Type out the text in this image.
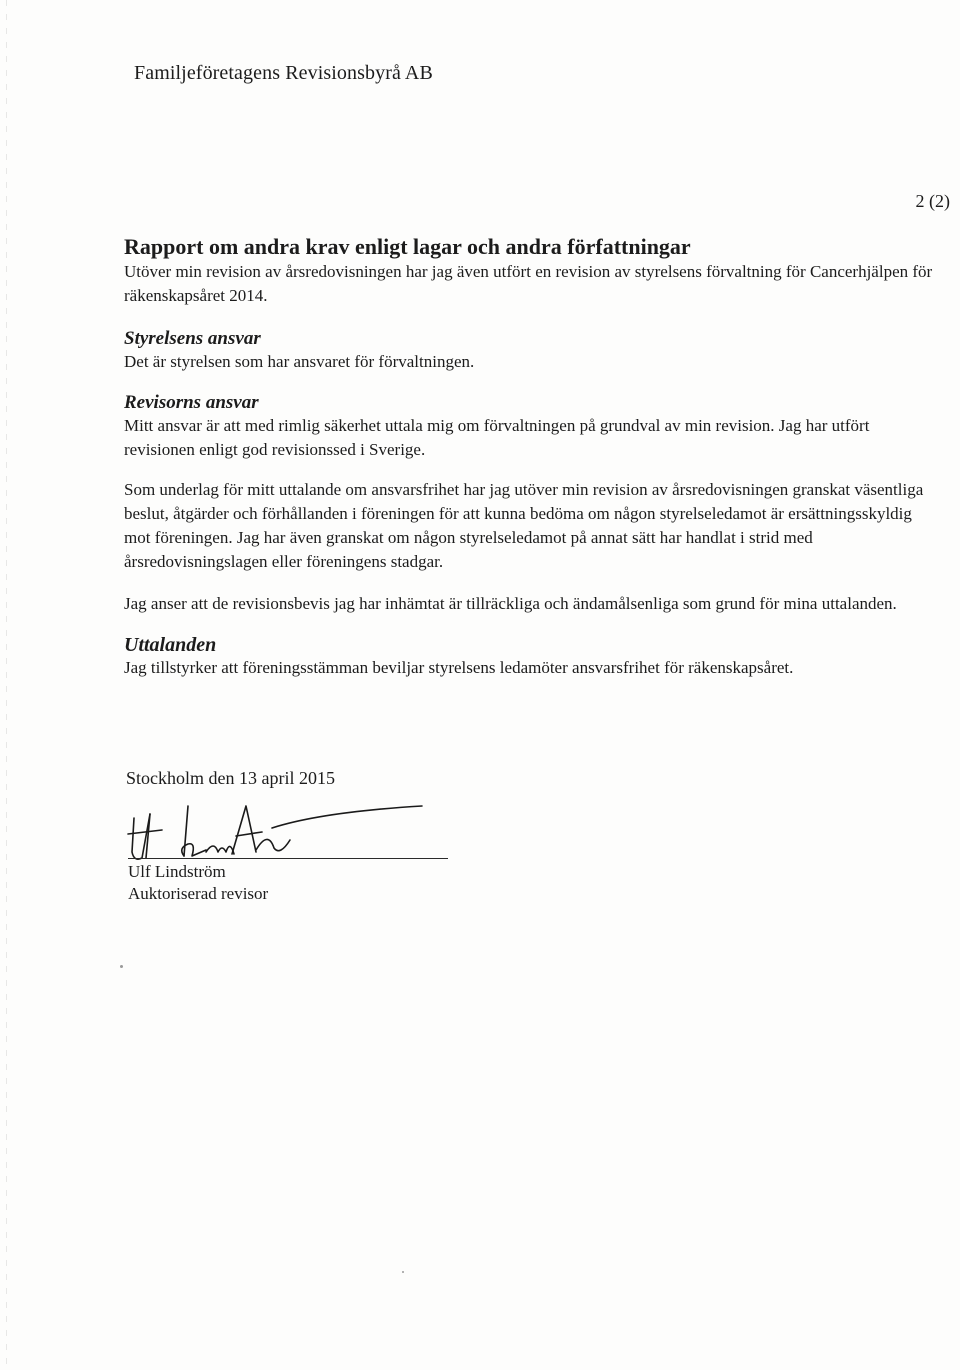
Familjeföretagens Revisionsbyrå AB
2 (2)
Rapport om andra krav enligt lagar och andra författningar

Utöver min revision av årsredovisningen har jag även utfört en revision av styrelsens förvaltning för Cancerhjälpen för räkenskapsåret 2014.

Styrelsens ansvar

Det är styrelsen som har ansvaret för förvaltningen.

Revisorns ansvar

Mitt ansvar är att med rimlig säkerhet uttala mig om förvaltningen på grundval av min revision. Jag har utfört revisionen enligt god revisionssed i Sverige.

Som underlag för mitt uttalande om ansvarsfrihet har jag utöver min revision av årsredovisningen granskat väsentliga beslut, åtgärder och förhållanden i föreningen för att kunna bedöma om någon styrelseledamot är ersättningsskyldig mot föreningen. Jag har även granskat om någon styrelseledamot på annat sätt har handlat i strid med årsredovisningslagen eller föreningens stadgar.

Jag anser att de revisionsbevis jag har inhämtat är tillräckliga och ändamålsenliga som grund för mina uttalanden.

Uttalanden

Jag tillstyrker att föreningsstämman beviljar styrelsens ledamöter ansvarsfrihet för räkenskapsåret.

Stockholm den 13 april 2015
Ulf Lindström
Auktoriserad revisor
